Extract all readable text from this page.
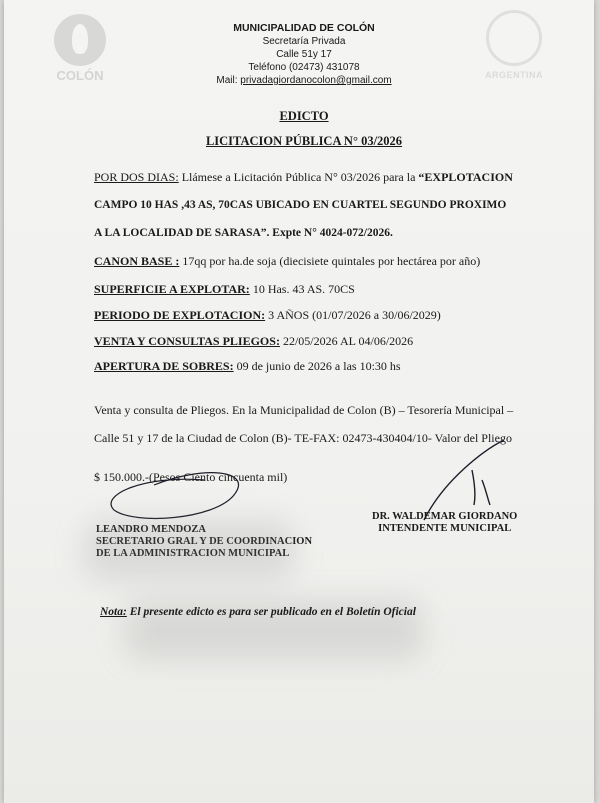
COLÓN	ARGENTINA
MUNICIPALIDAD DE COLÓN
Secretaría Privada
Calle 51y 17
Teléfono (02473) 431078
Mail: privadagiordanocolon@gmail.com
EDICTO
LICITACION PÚBLICA N° 03/2026
POR DOS DIAS: Llámese a Licitación Pública N° 03/2026 para la “EXPLOTACION
CAMPO 10 HAS ,43 AS, 70CAS UBICADO EN CUARTEL SEGUNDO PROXIMO
A LA LOCALIDAD DE SARASA”. Expte N° 4024-072/2026.
CANON BASE : 17qq por ha.de soja (diecisiete quintales por hectárea por año)
SUPERFICIE A EXPLOTAR: 10 Has. 43 AS. 70CS
PERIODO DE EXPLOTACION: 3 AÑOS (01/07/2026 a 30/06/2029)
VENTA Y CONSULTAS PLIEGOS: 22/05/2026 AL 04/06/2026
APERTURA DE SOBRES: 09 de junio de 2026 a las 10:30 hs
Venta y consulta de Pliegos. En la Municipalidad de Colon (B) – Tesorería Municipal –
Calle 51 y 17 de la Ciudad de Colon (B)- TE-FAX: 02473-430404/10- Valor del Pliego
$ 150.000.-(Pesos Ciento cincuenta mil)
LEANDRO MENDOZA
SECRETARIO GRAL Y DE COORDINACION
DE LA ADMINISTRACION MUNICIPAL
DR. WALDEMAR GIORDANO
INTENDENTE MUNICIPAL
Nota: El presente edicto es para ser publicado en el Boletín Oficial
